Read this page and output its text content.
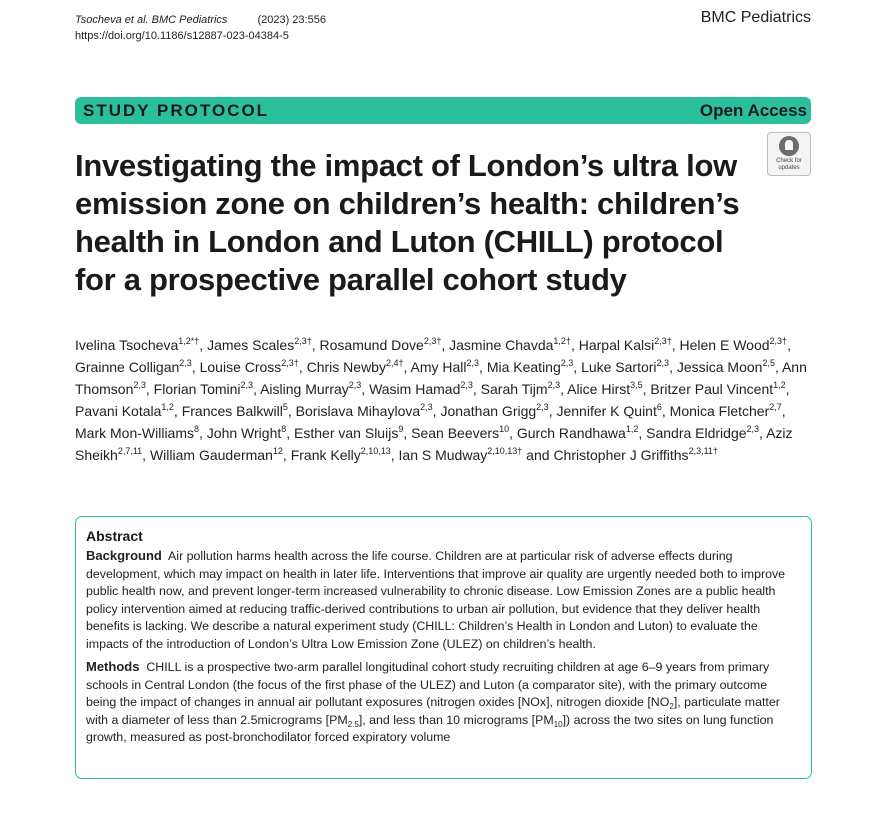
Tsocheva et al. BMC Pediatrics	(2023) 23:556
https://doi.org/10.1186/s12887-023-04384-5
BMC Pediatrics
STUDY PROTOCOL	Open Access
Check for
updates
Investigating the impact of London’s ultra low emission zone on children’s health: children’s health in London and Luton (CHILL) protocol for a prospective parallel cohort study
Ivelina Tsocheva$^{1,2*\dagger}$, James Scales$^{2,3\dagger}$, Rosamund Dove$^{2,3\dagger}$, Jasmine Chavda$^{1,2\dagger}$, Harpal Kalsi$^{2,3\dagger}$, Helen E Wood$^{2,3\dagger}$, Grainne Colligan$^{2,3}$, Louise Cross$^{2,3\dagger}$, Chris Newby$^{2,4\dagger}$, Amy Hall$^{2,3}$, Mia Keating$^{2,3}$, Luke Sartori$^{2,3}$, Jessica Moon$^{2,5}$, Ann Thomson$^{2,3}$, Florian Tomini$^{2,3}$, Aisling Murray$^{2,3}$, Wasim Hamad$^{2,3}$, Sarah Tijm$^{2,3}$, Alice Hirst$^{3,5}$, Britzer Paul Vincent$^{1,2}$, Pavani Kotala$^{1,2}$, Frances Balkwill$^5$, Borislava Mihaylova$^{2,3}$, Jonathan Grigg$^{2,3}$, Jennifer K Quint$^6$, Monica Fletcher$^{2,7}$, Mark Mon-Williams$^8$, John Wright$^8$, Esther van Sluijs$^9$, Sean Beevers$^{10}$, Gurch Randhawa$^{1,2}$, Sandra Eldridge$^{2,3}$, Aziz Sheikh$^{2,7,11}$, William Gauderman$^{12}$, Frank Kelly$^{2,10,13}$, Ian S Mudway$^{2,10,13\dagger}$ and Christopher J Griffiths$^{2,3,11\dagger}$
Abstract

Background Air pollution harms health across the life course. Children are at particular risk of adverse effects during development, which may impact on health in later life. Interventions that improve air quality are urgently needed both to improve public health now, and prevent longer-term increased vulnerability to chronic disease. Low Emission Zones are a public health policy intervention aimed at reducing traffic-derived contributions to urban air pollution, but evidence that they deliver health benefits is lacking. We describe a natural experiment study (CHILL: Children’s Health in London and Luton) to evaluate the impacts of the introduction of London’s Ultra Low Emission Zone (ULEZ) on children’s health.

Methods CHILL is a prospective two-arm parallel longitudinal cohort study recruiting children at age 6–9 years from primary schools in Central London (the focus of the first phase of the ULEZ) and Luton (a comparator site), with the primary outcome being the impact of changes in annual air pollutant exposures (nitrogen oxides [NOx], nitrogen dioxide $[NO_2]$, particulate matter with a diameter of less than 2.5micrograms $[PM_{2.5}]$, and less than 10 micrograms $[PM_{10}]$) across the two sites on lung function growth, measured as post-bronchodilator forced expiratory volume
